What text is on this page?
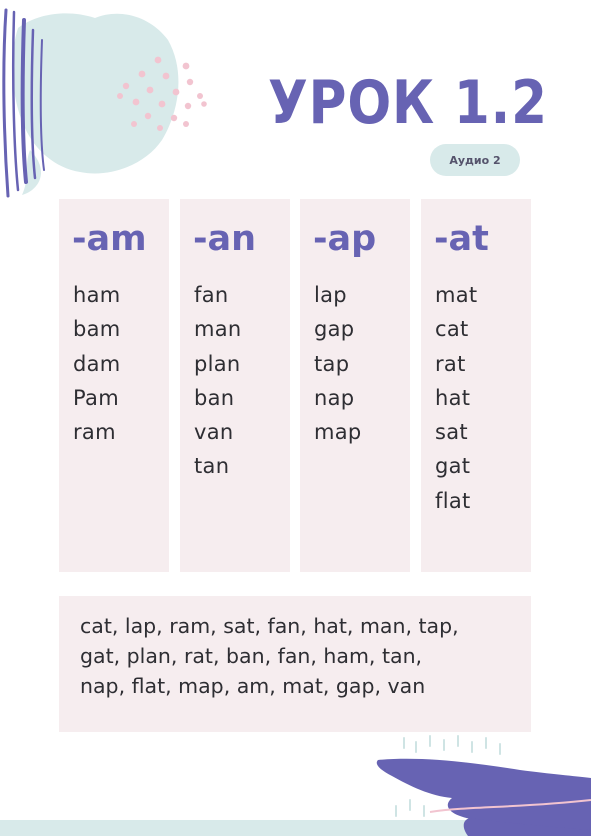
УРОК 1.2
Аудио 2
-am
ham
bam
dam
Pam
ram
-an
fan
man
plan
ban
van
tan
-ap
lap
gap
tap
nap
map
-at
mat
cat
rat
hat
sat
gat
flat

cat, lap, ram, sat, fan, hat, man, tap,
gat, plan, rat, ban, fan, ham, tan,
nap, flat, map, am, mat, gap, van
